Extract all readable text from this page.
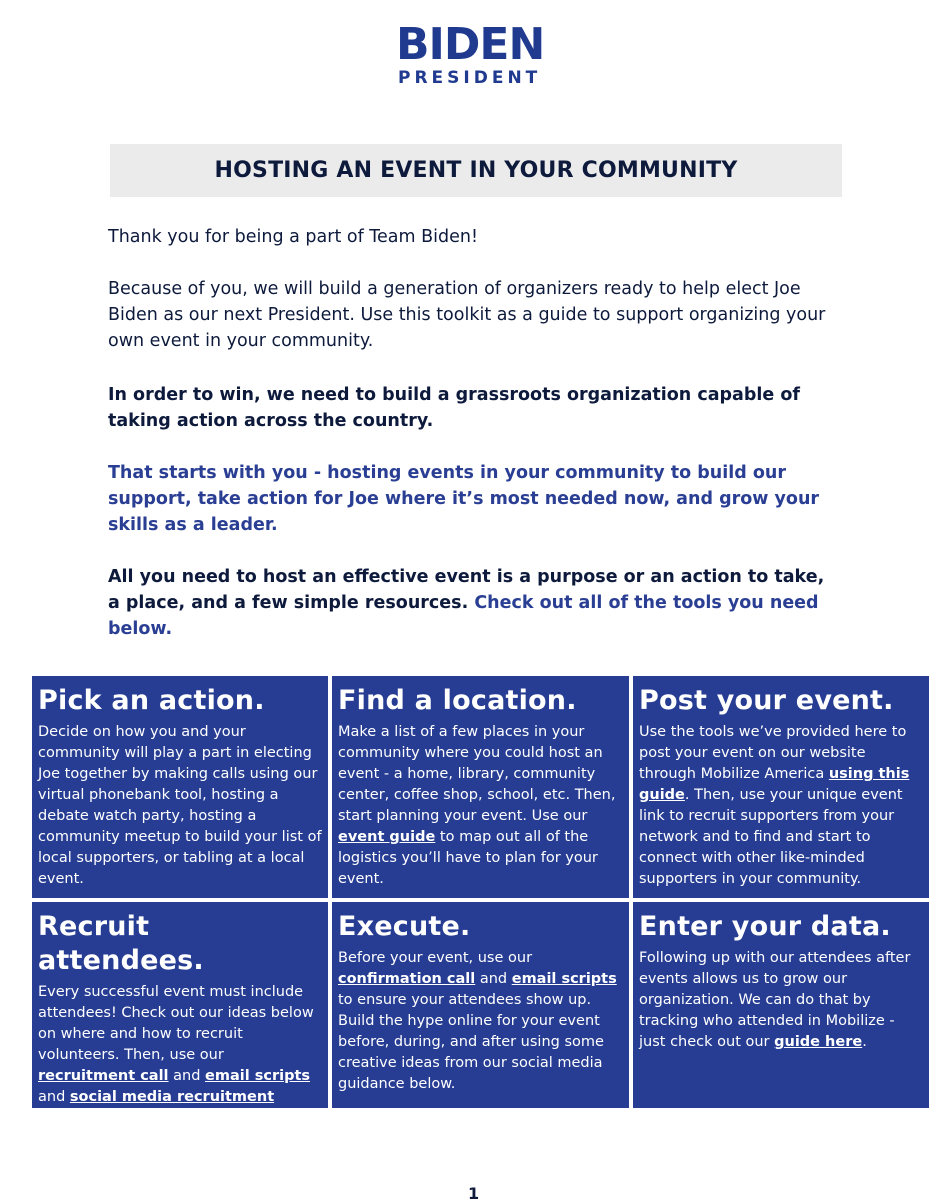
BIDEN
PRESIDENT
HOSTING AN EVENT IN YOUR COMMUNITY

Thank you for being a part of Team Biden!

Because of you, we will build a generation of organizers ready to help elect Joe Biden as our next President. Use this toolkit as a guide to support organizing your own event in your community.

In order to win, we need to build a grassroots organization capable of taking action across the country.

That starts with you - hosting events in your community to build our support, take action for Joe where it’s most needed now, and grow your skills as a leader.

All you need to host an effective event is a purpose or an action to take, a place, and a few simple resources. Check out all of the tools you need below.

Pick an action.

Decide on how you and your community will play a part in electing Joe together by making calls using our virtual phonebank tool, hosting a debate watch party, hosting a community meetup to build your list of local supporters, or tabling at a local event.

Find a location.

Make a list of a few places in your community where you could host an event - a home, library, community center, coffee shop, school, etc. Then, start planning your event. Use our event guide to map out all of the logistics you’ll have to plan for your event.

Post your event.

Use the tools we’ve provided here to post your event on our website through Mobilize America using this guide. Then, use your unique event link to recruit supporters from your network and to find and start to connect with other like-minded supporters in your community.

Recruit attendees.

Every successful event must include attendees! Check out our ideas below on where and how to recruit volunteers. Then, use our recruitment call and email scripts and social media recruitment guidance to get going!

Execute.

Before your event, use our confirmation call and email scripts to ensure your attendees show up. Build the hype online for your event before, during, and after using some creative ideas from our social media guidance below.

Enter your data.

Following up with our attendees after events allows us to grow our organization. We can do that by tracking who attended in Mobilize - just check out our guide here.

1
